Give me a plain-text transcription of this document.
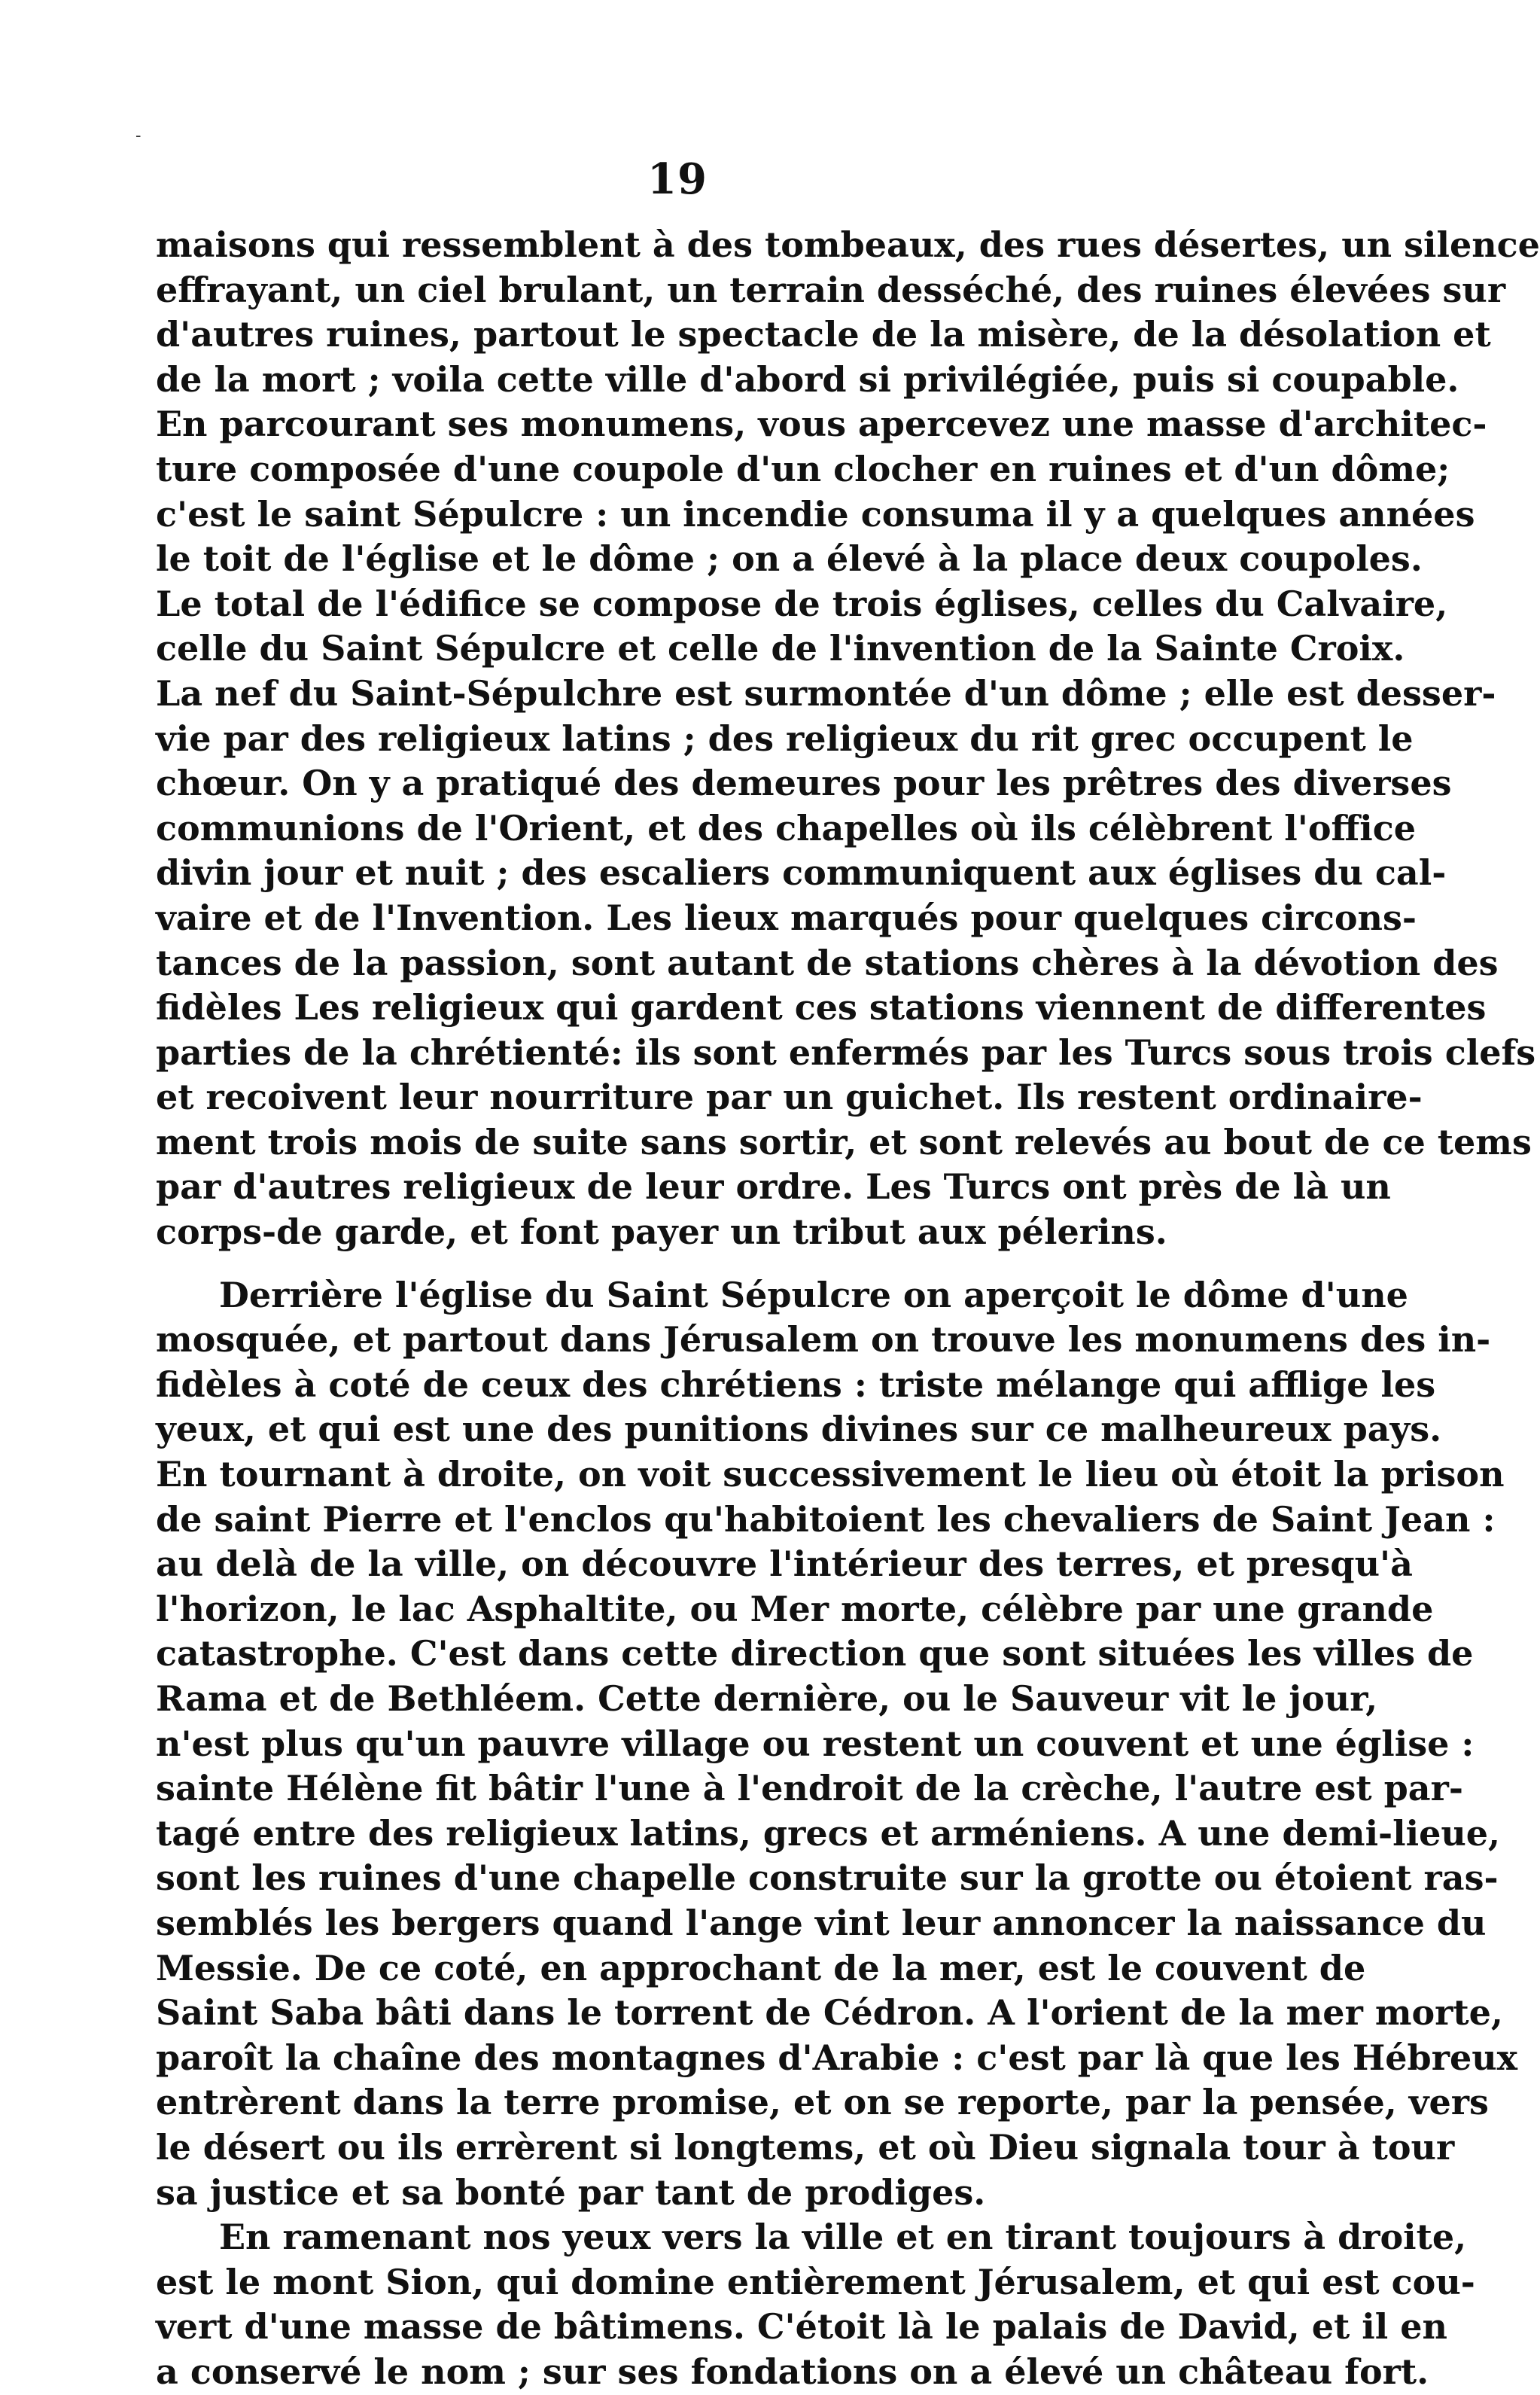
-
19
maisons qui ressemblent à des tombeaux, des rues désertes, un silence
effrayant, un ciel brulant, un terrain desséché, des ruines élevées sur
d'autres ruines, partout le spectacle de la misère, de la désolation et
de la mort ; voila cette ville d'abord si privilégiée, puis si coupable.
En parcourant ses monumens, vous apercevez une masse d'architec-
ture composée d'une coupole d'un clocher en ruines et d'un dôme;
c'est le saint Sépulcre : un incendie consuma il y a quelques années
le toit de l'église et le dôme ; on a élevé à la place deux coupoles.
Le total de l'édifice se compose de trois églises, celles du Calvaire,
celle du Saint Sépulcre et celle de l'invention de la Sainte Croix.
La nef du Saint-Sépulchre est surmontée d'un dôme ; elle est desser-
vie par des religieux latins ; des religieux du rit grec occupent le
chœur. On y a pratiqué des demeures pour les prêtres des diverses
communions de l'Orient, et des chapelles où ils célèbrent l'office
divin jour et nuit ; des escaliers communiquent aux églises du cal-
vaire et de l'Invention. Les lieux marqués pour quelques circons-
tances de la passion, sont autant de stations chères à la dévotion des
fidèles Les religieux qui gardent ces stations viennent de differentes
parties de la chrétienté: ils sont enfermés par les Turcs sous trois clefs
et recoivent leur nourriture par un guichet. Ils restent ordinaire-
ment trois mois de suite sans sortir, et sont relevés au bout de ce tems
par d'autres religieux de leur ordre. Les Turcs ont près de là un
corps-de garde, et font payer un tribut aux pélerins.
Derrière l'église du Saint Sépulcre on aperçoit le dôme d'une
mosquée, et partout dans Jérusalem on trouve les monumens des in-
fidèles à coté de ceux des chrétiens : triste mélange qui afflige les
yeux, et qui est une des punitions divines sur ce malheureux pays.
En tournant à droite, on voit successivement le lieu où étoit la prison
de saint Pierre et l'enclos qu'habitoient les chevaliers de Saint Jean :
au delà de la ville, on découvre l'intérieur des terres, et presqu'à
l'horizon, le lac Asphaltite, ou Mer morte, célèbre par une grande
catastrophe. C'est dans cette direction que sont situées les villes de
Rama et de Bethléem. Cette dernière, ou le Sauveur vit le jour,
n'est plus qu'un pauvre village ou restent un couvent et une église :
sainte Hélène fit bâtir l'une à l'endroit de la crèche, l'autre est par-
tagé entre des religieux latins, grecs et arméniens. A une demi-lieue,
sont les ruines d'une chapelle construite sur la grotte ou étoient ras-
semblés les bergers quand l'ange vint leur annoncer la naissance du
Messie. De ce coté, en approchant de la mer, est le couvent de
Saint Saba bâti dans le torrent de Cédron. A l'orient de la mer morte,
paroît la chaîne des montagnes d'Arabie : c'est par là que les Hébreux
entrèrent dans la terre promise, et on se reporte, par la pensée, vers
le désert ou ils errèrent si longtems, et où Dieu signala tour à tour
sa justice et sa bonté par tant de prodiges.
En ramenant nos yeux vers la ville et en tirant toujours à droite,
est le mont Sion, qui domine entièrement Jérusalem, et qui est cou-
vert d'une masse de bâtimens. C'étoit là le palais de David, et il en
a conservé le nom ; sur ses fondations on a élevé un château fort.
